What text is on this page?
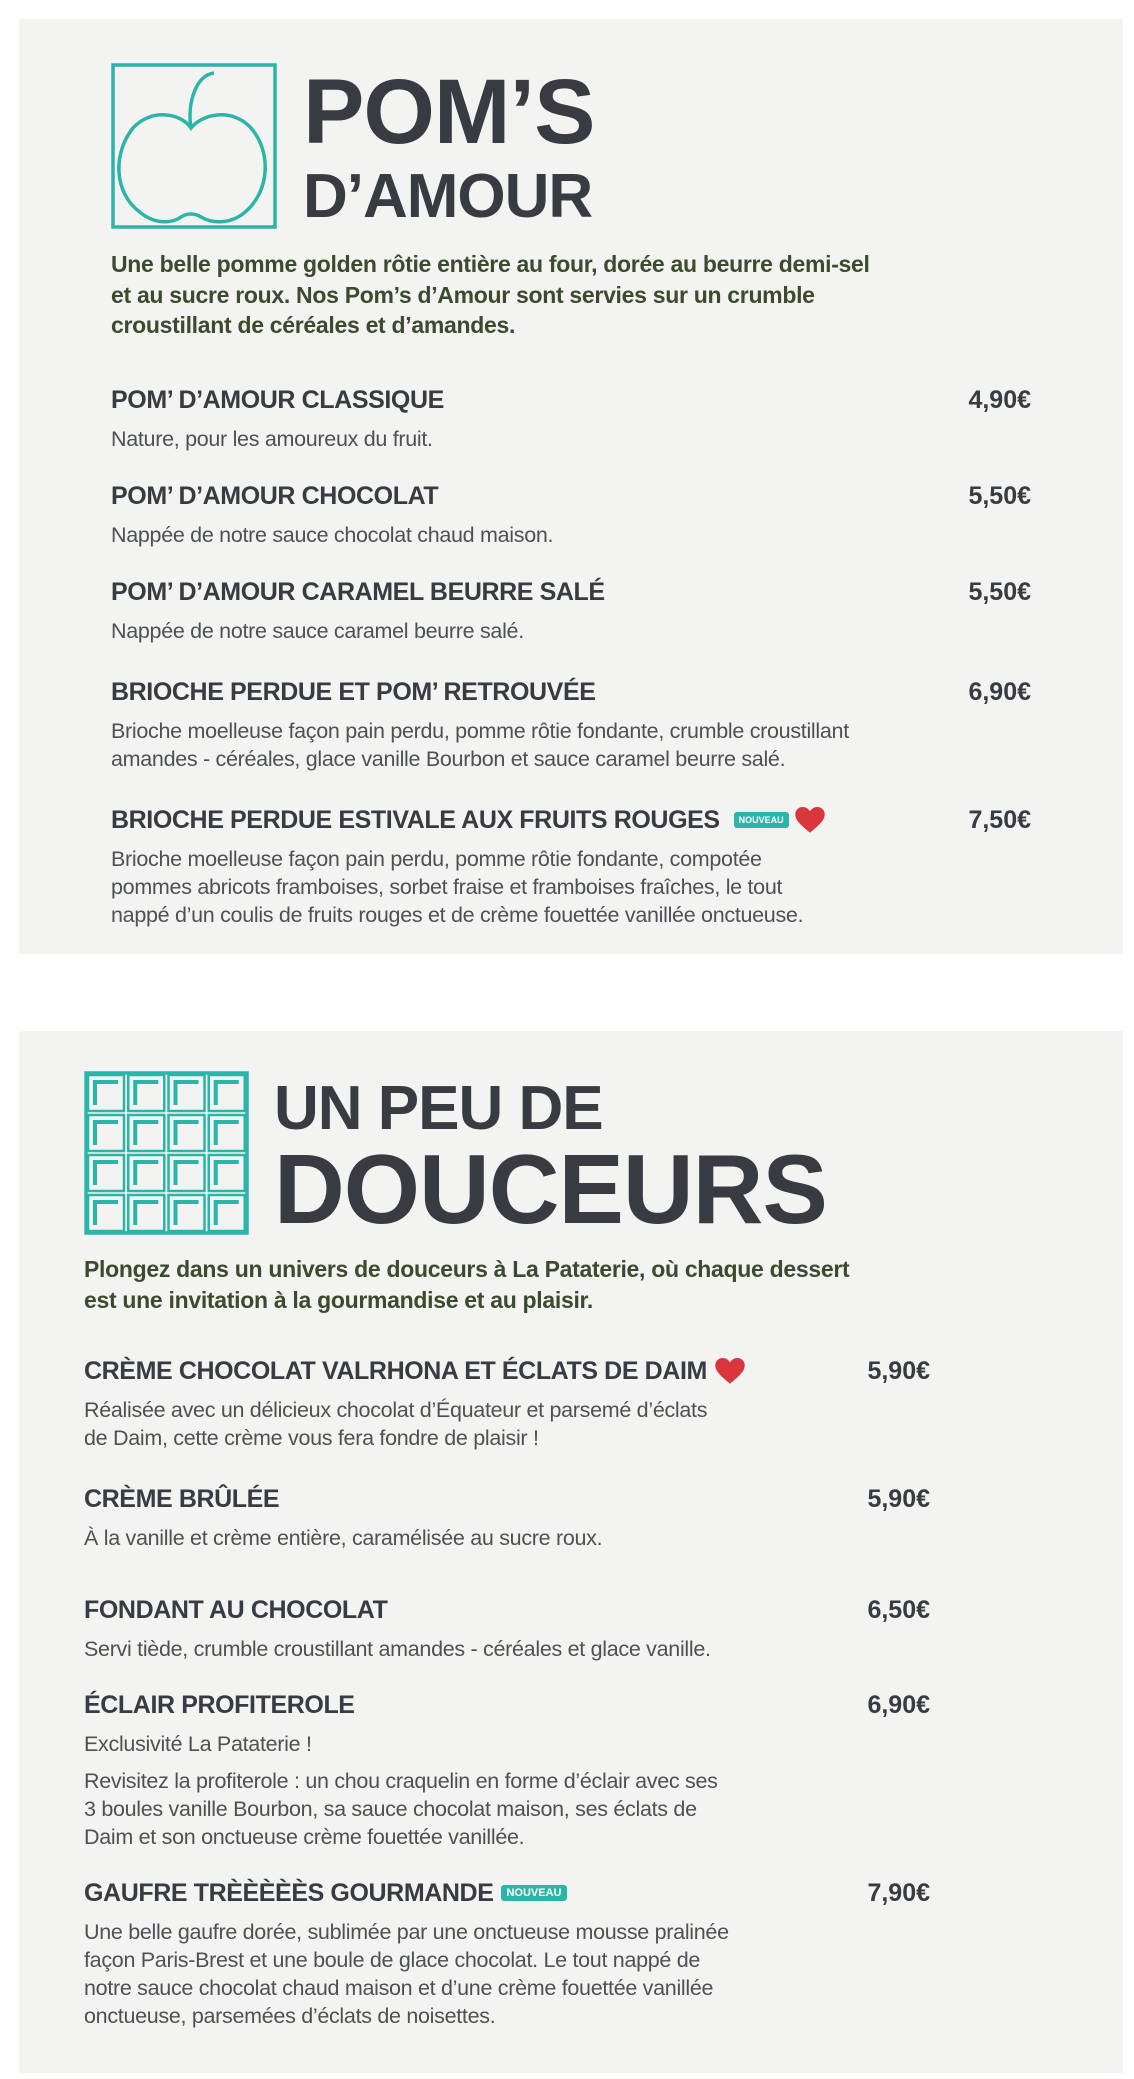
POM’S
D’AMOUR
Une belle pomme golden rôtie entière au four, dorée au beurre demi-sel
et au sucre roux. Nos Pom’s d’Amour sont servies sur un crumble
croustillant de céréales et d’amandes.
POM’ D’AMOUR CLASSIQUE	4,90€
Nature, pour les amoureux du fruit.
POM’ D’AMOUR CHOCOLAT	5,50€
Nappée de notre sauce chocolat chaud maison.
POM’ D’AMOUR CARAMEL BEURRE SALÉ	5,50€
Nappée de notre sauce caramel beurre salé.
BRIOCHE PERDUE ET POM’ RETROUVÉE	6,90€
Brioche moelleuse façon pain perdu, pomme rôtie fondante, crumble croustillant
amandes - céréales, glace vanille Bourbon et sauce caramel beurre salé.
BRIOCHE PERDUE ESTIVALE AUX FRUITS ROUGES	NOUVEAU	7,50€
Brioche moelleuse façon pain perdu, pomme rôtie fondante, compotée
pommes abricots framboises, sorbet fraise et framboises fraîches, le tout
nappé d’un coulis de fruits rouges et de crème fouettée vanillée onctueuse.
UN PEU DE
DOUCEURS
Plongez dans un univers de douceurs à La Pataterie, où chaque dessert
est une invitation à la gourmandise et au plaisir.
CRÈME CHOCOLAT VALRHONA ET ÉCLATS DE DAIM	5,90€
Réalisée avec un délicieux chocolat d’Équateur et parsemé d’éclats
de Daim, cette crème vous fera fondre de plaisir !
CRÈME BRÛLÉE	5,90€
À la vanille et crème entière, caramélisée au sucre roux.
FONDANT AU CHOCOLAT	6,50€
Servi tiède, crumble croustillant amandes - céréales et glace vanille.
ÉCLAIR PROFITEROLE	6,90€
Exclusivité La Pataterie !
Revisitez la profiterole : un chou craquelin en forme d’éclair avec ses
3 boules vanille Bourbon, sa sauce chocolat maison, ses éclats de
Daim et son onctueuse crème fouettée vanillée.
GAUFRE TRÈÈÈÈÈS GOURMANDE	NOUVEAU	7,90€
Une belle gaufre dorée, sublimée par une onctueuse mousse pralinée
façon Paris-Brest et une boule de glace chocolat. Le tout nappé de
notre sauce chocolat chaud maison et d’une crème fouettée vanillée
onctueuse, parsemées d’éclats de noisettes.
